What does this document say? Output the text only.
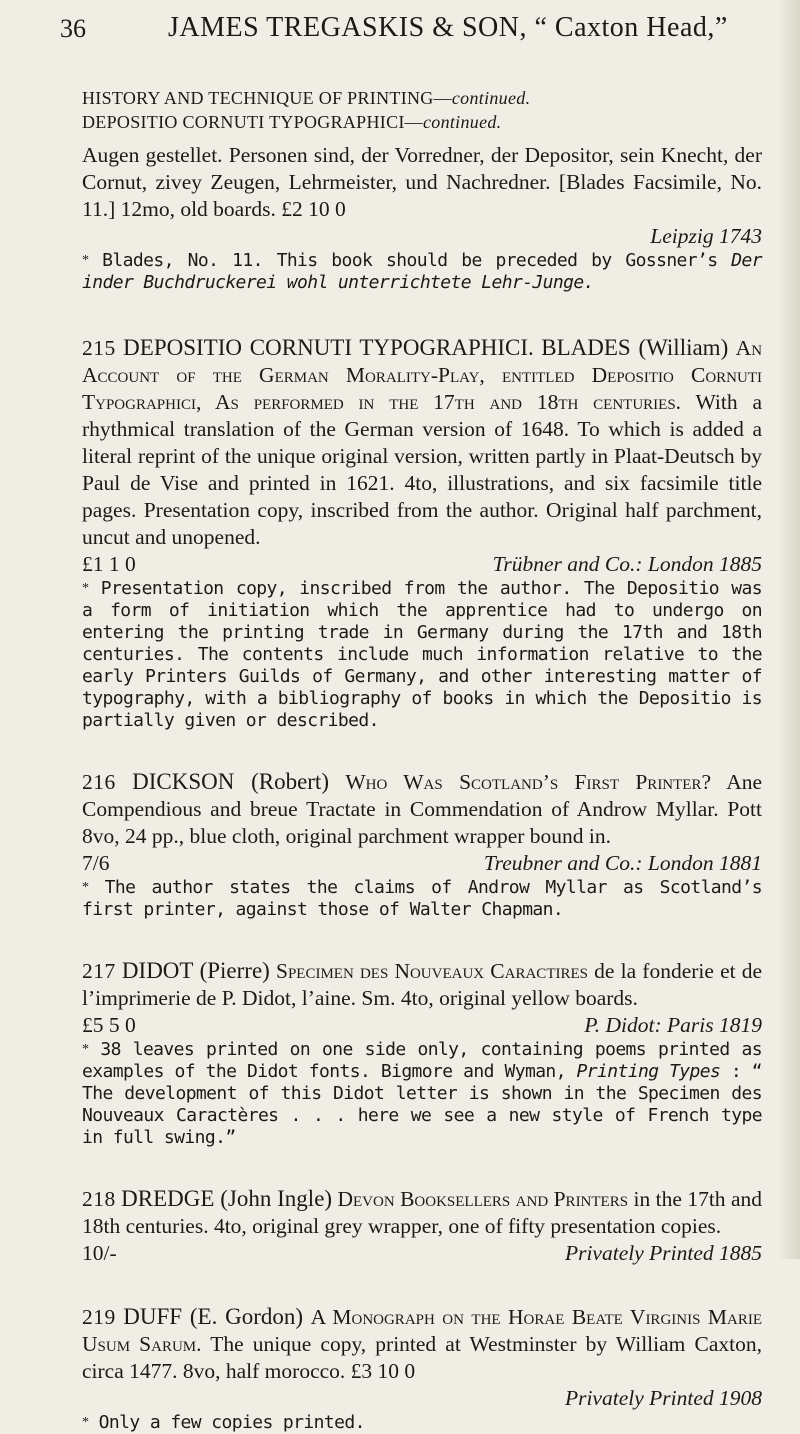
36	JAMES TREGASKIS & SON, “ Caxton Head,”
HISTORY AND TECHNIQUE OF PRINTING—continued.
DEPOSITIO CORNUTI TYPOGRAPHICI—continued.

Augen gestellet. Personen sind, der Vorredner, der Depositor, sein Knecht, der Cornut, zivey Zeugen, Lehrmeister, und Nachredner. [Blades Facsimile, No. 11.] 12mo, old boards. £2 10 0

Leipzig 1743
* Blades, No. 11. This book should be preceded by Gossner’s Der inder Buchdruckerei wohl unterrichtete Lehr-Junge.
215 DEPOSITIO CORNUTI TYPOGRAPHICI. BLADES (William) An Account of the German Morality-Play, entitled Depositio Cornuti Typographici, As performed in the 17th and 18th centuries. With a rhythmical translation of the German version of 1648. To which is added a literal reprint of the unique original version, written partly in Plaat-Deutsch by Paul de Vise and printed in 1621. 4to, illustrations, and six facsimile title pages. Presentation copy, inscribed from the author. Original half parchment, uncut and unopened.
£1 1 0	Trübner and Co.: London 1885
* Presentation copy, inscribed from the author. The Depositio was a form of initiation which the apprentice had to undergo on entering the printing trade in Germany during the 17th and 18th centuries. The contents include much information relative to the early Printers Guilds of Germany, and other interesting matter of typography, with a bibliography of books in which the Depositio is partially given or described.
216 DICKSON (Robert) Who Was Scotland’s First Printer? Ane Compendious and breue Tractate in Commendation of Androw Myllar. Pott 8vo, 24 pp., blue cloth, original parchment wrapper bound in.
7/6	Treubner and Co.: London 1881
* The author states the claims of Androw Myllar as Scotland’s first printer, against those of Walter Chapman.
217 DIDOT (Pierre) Specimen des Nouveaux Caractires de la fonderie et de l’imprimerie de P. Didot, l’aine. Sm. 4to, original yellow boards.
£5 5 0	P. Didot: Paris 1819
* 38 leaves printed on one side only, containing poems printed as examples of the Didot fonts. Bigmore and Wyman, Printing Types : “ The development of this Didot letter is shown in the Specimen des Nouveaux Caractères . . . here we see a new style of French type in full swing.”
218 DREDGE (John Ingle) Devon Booksellers and Printers in the 17th and 18th centuries. 4to, original grey wrapper, one of fifty presentation copies.
10/-	Privately Printed 1885
219 DUFF (E. Gordon) A Monograph on the Horae Beate Virginis Marie Usum Sarum. The unique copy, printed at Westminster by William Caxton, circa 1477. 8vo, half morocco. £3 10 0
Privately Printed 1908
* Only a few copies printed.
